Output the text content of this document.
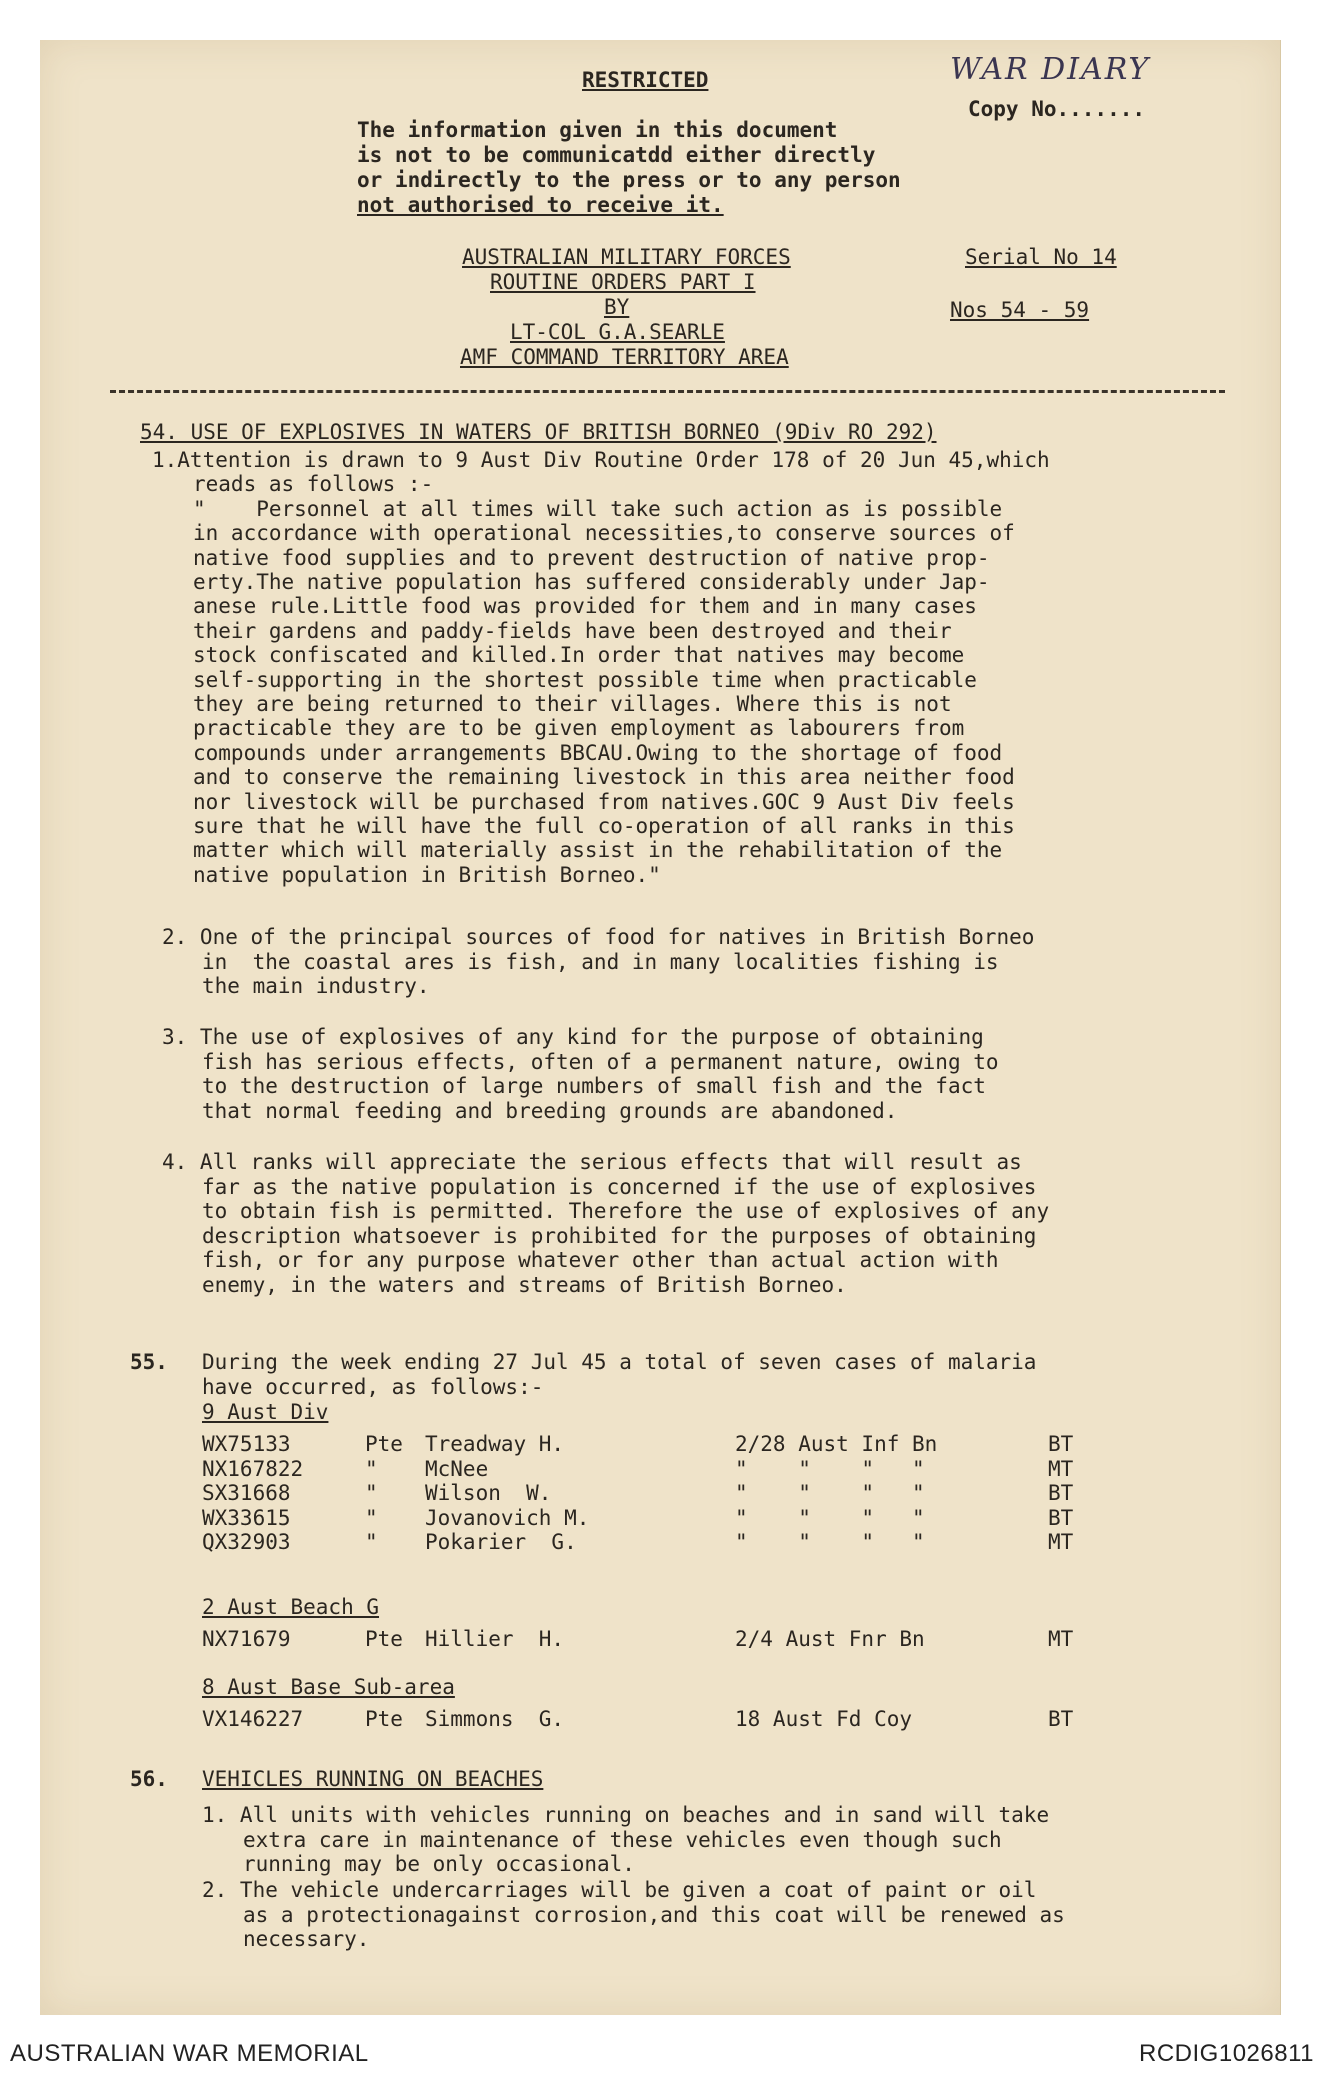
RESTRICTED	WAR DIARY
Copy No.......
The information given in this document
is not to be communicatdd either directly
or indirectly to the press or to any person
not authorised to receive it.
AUSTRALIAN MILITARY FORCES
ROUTINE ORDERS PART I
BY
LT-COL G.A.SEARLE
AMF COMMAND TERRITORY AREA
Serial No 14
Nos 54 - 59
54. USE OF EXPLOSIVES IN WATERS OF BRITISH BORNEO (9Div RO 292)
1.Attention is drawn to 9 Aust Div Routine Order 178 of 20 Jun 45,which
reads as follows :-
"    Personnel at all times will take such action as is possible
in accordance with operational necessities,to conserve sources of
native food supplies and to prevent destruction of native prop-
erty.The native population has suffered considerably under Jap-
anese rule.Little food was provided for them and in many cases
their gardens and paddy-fields have been destroyed and their
stock confiscated and killed.In order that natives may become
self-supporting in the shortest possible time when practicable
they are being returned to their villages. Where this is not
practicable they are to be given employment as labourers from
compounds under arrangements BBCAU.Owing to the shortage of food
and to conserve the remaining livestock in this area neither food
nor livestock will be purchased from natives.GOC 9 Aust Div feels
sure that he will have the full co-operation of all ranks in this
matter which will materially assist in the rehabilitation of the
native population in British Borneo."
2. One of the principal sources of food for natives in British Borneo
in  the coastal ares is fish, and in many localities fishing is
the main industry.
3. The use of explosives of any kind for the purpose of obtaining
fish has serious effects, often of a permanent nature, owing to
to the destruction of large numbers of small fish and the fact
that normal feeding and breeding grounds are abandoned.
4. All ranks will appreciate the serious effects that will result as
far as the native population is concerned if the use of explosives
to obtain fish is permitted. Therefore the use of explosives of any
description whatsoever is prohibited for the purposes of obtaining
fish, or for any purpose whatever other than actual action with
enemy, in the waters and streams of British Borneo.
55. During the week ending 27 Jul 45 a total of seven cases of malaria
have occurred, as follows:-
9 Aust Div
WX75133	Pte Treadway H.	2/28 Aust Inf Bn	BT
NX167822	" McNee	"    "    "   "	MT
SX31668	" Wilson  W.	"    "    "   "	BT
WX33615	" Jovanovich M.	"    "    "   "	BT
QX32903	" Pokarier  G.	"    "    "   "	MT
2 Aust Beach G
NX71679	Pte Hillier  H.	2/4 Aust Fnr Bn	MT
8 Aust Base Sub-area
VX146227	Pte Simmons  G.	18 Aust Fd Coy	BT
56. VEHICLES RUNNING ON BEACHES
1. All units with vehicles running on beaches and in sand will take
extra care in maintenance of these vehicles even though such
running may be only occasional.
2. The vehicle undercarriages will be given a coat of paint or oil
as a protectionagainst corrosion,and this coat will be renewed as
necessary.
AUSTRALIAN WAR MEMORIAL	RCDIG1026811
